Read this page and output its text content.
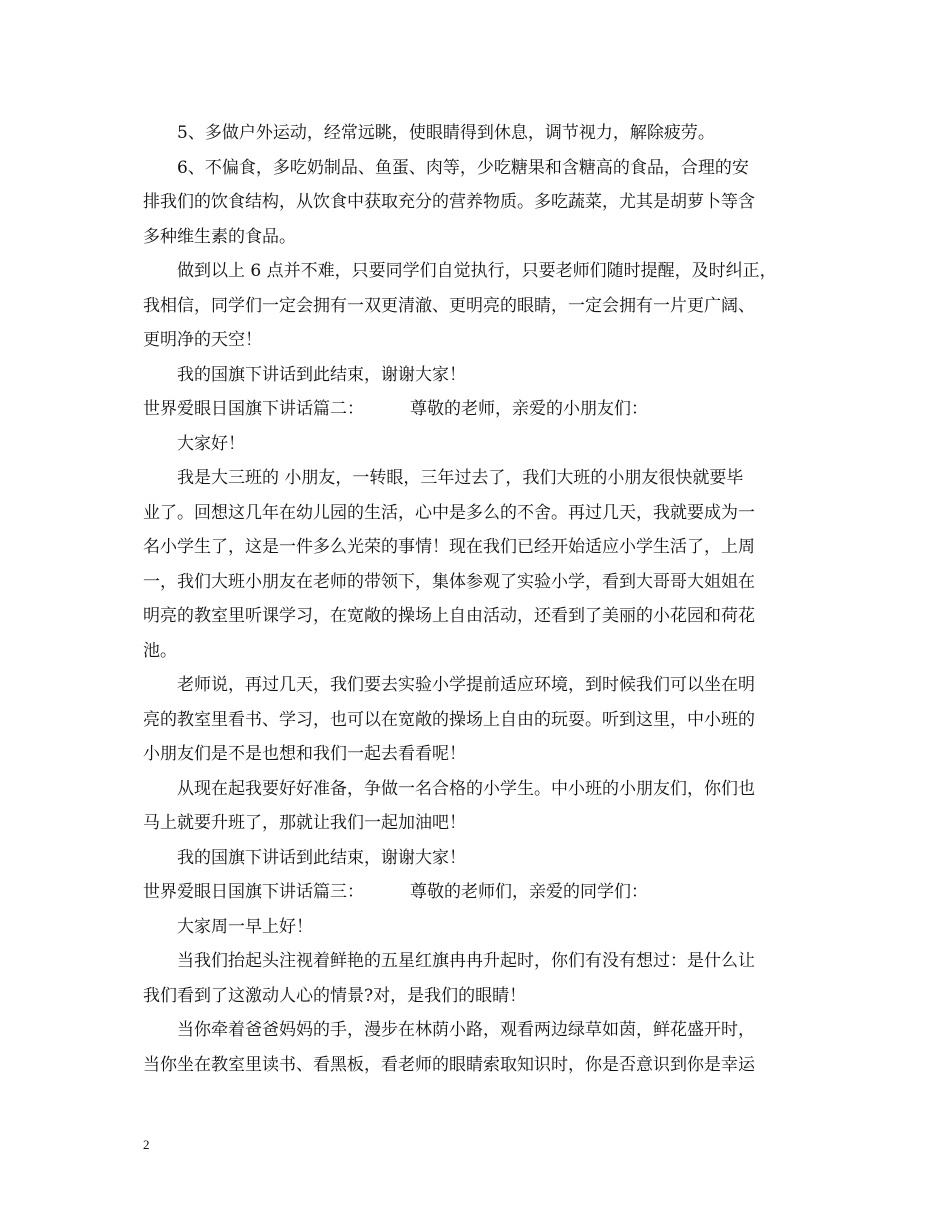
5、多做户外运动，经常远眺，使眼睛得到休息，调节视力，解除疲劳。
6、不偏食，多吃奶制品、鱼蛋、肉等，少吃糖果和含糖高的食品，合理的安
排我们的饮食结构，从饮食中获取充分的营养物质。多吃蔬菜，尤其是胡萝卜等含
多种维生素的食品。
做到以上 6 点并不难，只要同学们自觉执行，只要老师们随时提醒，及时纠正，
我相信，同学们一定会拥有一双更清澈、更明亮的眼睛，一定会拥有一片更广阔、
更明净的天空！
我的国旗下讲话到此结束，谢谢大家！
世界爱眼日国旗下讲话篇二：	尊敬的老师，亲爱的小朋友们：
大家好！
我是大三班的 小朋友，一转眼，三年过去了，我们大班的小朋友很快就要毕
业了。回想这几年在幼儿园的生活，心中是多么的不舍。再过几天，我就要成为一
名小学生了，这是一件多么光荣的事情！现在我们已经开始适应小学生活了，上周
一，我们大班小朋友在老师的带领下，集体参观了实验小学，看到大哥哥大姐姐在
明亮的教室里听课学习，在宽敞的操场上自由活动，还看到了美丽的小花园和荷花
池。
老师说，再过几天，我们要去实验小学提前适应环境，到时候我们可以坐在明
亮的教室里看书、学习，也可以在宽敞的操场上自由的玩耍。听到这里，中小班的
小朋友们是不是也想和我们一起去看看呢！
从现在起我要好好准备，争做一名合格的小学生。中小班的小朋友们，你们也
马上就要升班了，那就让我们一起加油吧！
我的国旗下讲话到此结束，谢谢大家！
世界爱眼日国旗下讲话篇三：	尊敬的老师们，亲爱的同学们：
大家周一早上好！
当我们抬起头注视着鲜艳的五星红旗冉冉升起时，你们有没有想过：是什么让
我们看到了这激动人心的情景?对，是我们的眼睛！
当你牵着爸爸妈妈的手，漫步在林荫小路，观看两边绿草如茵，鲜花盛开时，
当你坐在教室里读书、看黑板，看老师的眼睛索取知识时，你是否意识到你是幸运
2
